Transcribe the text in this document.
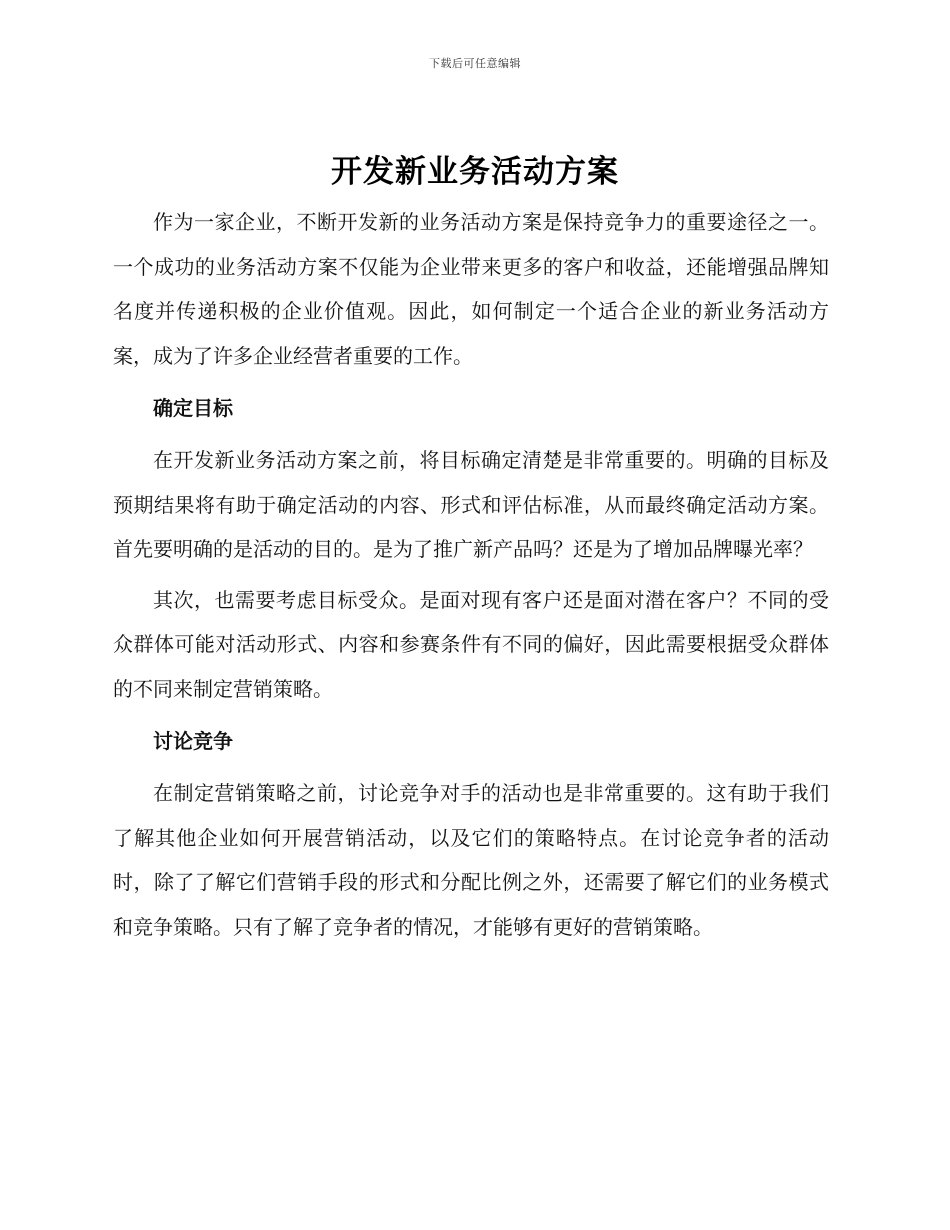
下载后可任意编辑
开发新业务活动方案

作为一家企业，不断开发新的业务活动方案是保持竞争力的重要途径之一。一个成功的业务活动方案不仅能为企业带来更多的客户和收益，还能增强品牌知名度并传递积极的企业价值观。因此，如何制定一个适合企业的新业务活动方案，成为了许多企业经营者重要的工作。

确定目标

在开发新业务活动方案之前，将目标确定清楚是非常重要的。明确的目标及预期结果将有助于确定活动的内容、形式和评估标准，从而最终确定活动方案。首先要明确的是活动的目的。是为了推广新产品吗？还是为了增加品牌曝光率？

其次，也需要考虑目标受众。是面对现有客户还是面对潜在客户？不同的受众群体可能对活动形式、内容和参赛条件有不同的偏好，因此需要根据受众群体的不同来制定营销策略。

讨论竞争

在制定营销策略之前，讨论竞争对手的活动也是非常重要的。这有助于我们了解其他企业如何开展营销活动，以及它们的策略特点。在讨论竞争者的活动时，除了了解它们营销手段的形式和分配比例之外，还需要了解它们的业务模式和竞争策略。只有了解了竞争者的情况，才能够有更好的营销策略。
